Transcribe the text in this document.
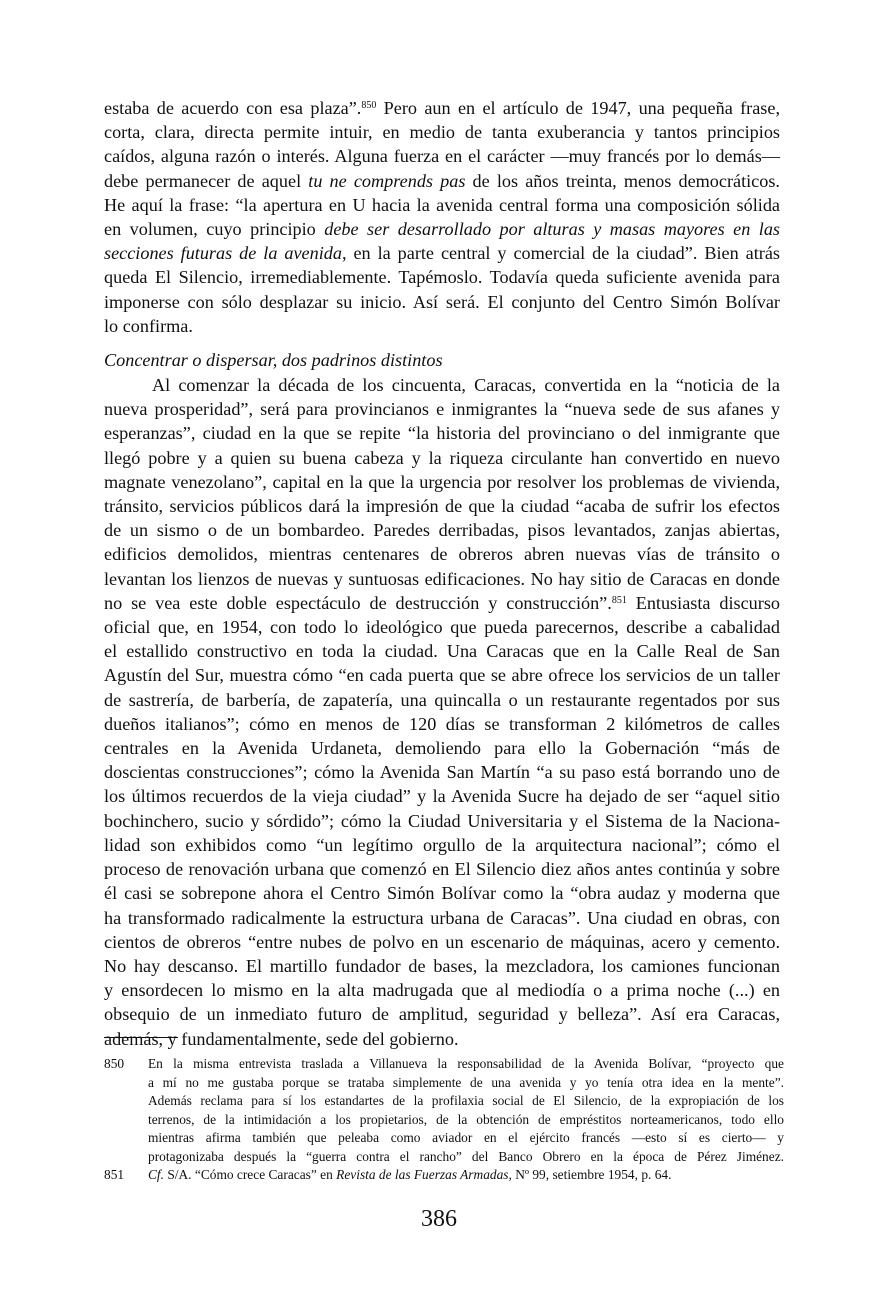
estaba de acuerdo con esa plaza”.$^{850}$ Pero aun en el artículo de 1947, una pequeña frase,
corta, clara, directa permite intuir, en medio de tanta exuberancia y tantos principios
caídos, alguna razón o interés. Alguna fuerza en el carácter —muy francés por lo demás—
debe permanecer de aquel tu ne comprends pas de los años treinta, menos democráticos.
He aquí la frase: “la apertura en U hacia la avenida central forma una composición sólida
en volumen, cuyo principio debe ser desarrollado por alturas y masas mayores en las
secciones futuras de la avenida, en la parte central y comercial de la ciudad”. Bien atrás
queda El Silencio, irremediablemente. Tapémoslo. Todavía queda suficiente avenida para
imponerse con sólo desplazar su inicio. Así será. El conjunto del Centro Simón Bolívar
lo confirma.

Concentrar o dispersar, dos padrinos distintos

Al comenzar la década de los cincuenta, Caracas, convertida en la “noticia de la
nueva prosperidad”, será para provincianos e inmigrantes la “nueva sede de sus afanes y
esperanzas”, ciudad en la que se repite “la historia del provinciano o del inmigrante que
llegó pobre y a quien su buena cabeza y la riqueza circulante han convertido en nuevo
magnate venezolano”, capital en la que la urgencia por resolver los problemas de vivienda,
tránsito, servicios públicos dará la impresión de que la ciudad “acaba de sufrir los efectos
de un sismo o de un bombardeo. Paredes derribadas, pisos levantados, zanjas abiertas,
edificios demolidos, mientras centenares de obreros abren nuevas vías de tránsito o
levantan los lienzos de nuevas y suntuosas edificaciones. No hay sitio de Caracas en donde
no se vea este doble espectáculo de destrucción y construcción”.$^{851}$ Entusiasta discurso
oficial que, en 1954, con todo lo ideológico que pueda parecernos, describe a cabalidad
el estallido constructivo en toda la ciudad. Una Caracas que en la Calle Real de San
Agustín del Sur, muestra cómo “en cada puerta que se abre ofrece los servicios de un taller
de sastrería, de barbería, de zapatería, una quincalla o un restaurante regentados por sus
dueños italianos”; cómo en menos de 120 días se transforman 2 kilómetros de calles
centrales en la Avenida Urdaneta, demoliendo para ello la Gobernación “más de
doscientas construcciones”; cómo la Avenida San Martín “a su paso está borrando uno de
los últimos recuerdos de la vieja ciudad” y la Avenida Sucre ha dejado de ser “aquel sitio
bochinchero, sucio y sórdido”; cómo la Ciudad Universitaria y el Sistema de la Naciona-
lidad son exhibidos como “un legítimo orgullo de la arquitectura nacional”; cómo el
proceso de renovación urbana que comenzó en El Silencio diez años antes continúa y sobre
él casi se sobrepone ahora el Centro Simón Bolívar como la “obra audaz y moderna que
ha transformado radicalmente la estructura urbana de Caracas”. Una ciudad en obras, con
cientos de obreros “entre nubes de polvo en un escenario de máquinas, acero y cemento.
No hay descanso. El martillo fundador de bases, la mezcladora, los camiones funcionan
y ensordecen lo mismo en la alta madrugada que al mediodía o a prima noche (...) en
obsequio de un inmediato futuro de amplitud, seguridad y belleza”. Así era Caracas,
además, y fundamentalmente, sede del gobierno.

850	En la misma entrevista traslada a Villanueva la responsabilidad de la Avenida Bolívar, “proyecto que
a mí no me gustaba porque se trataba simplemente de una avenida y yo tenía otra idea en la mente”.
Además reclama para sí los estandartes de la profilaxia social de El Silencio, de la expropiación de los
terrenos, de la intimidación a los propietarios, de la obtención de empréstitos norteamericanos, todo ello
mientras afirma también que peleaba como aviador en el ejército francés —esto sí es cierto— y
protagonizaba después la “guerra contra el rancho” del Banco Obrero en la época de Pérez Jiménez.
851	Cf. S/A. “Cómo crece Caracas” en Revista de las Fuerzas Armadas, Nº 99, setiembre 1954, p. 64.
386
